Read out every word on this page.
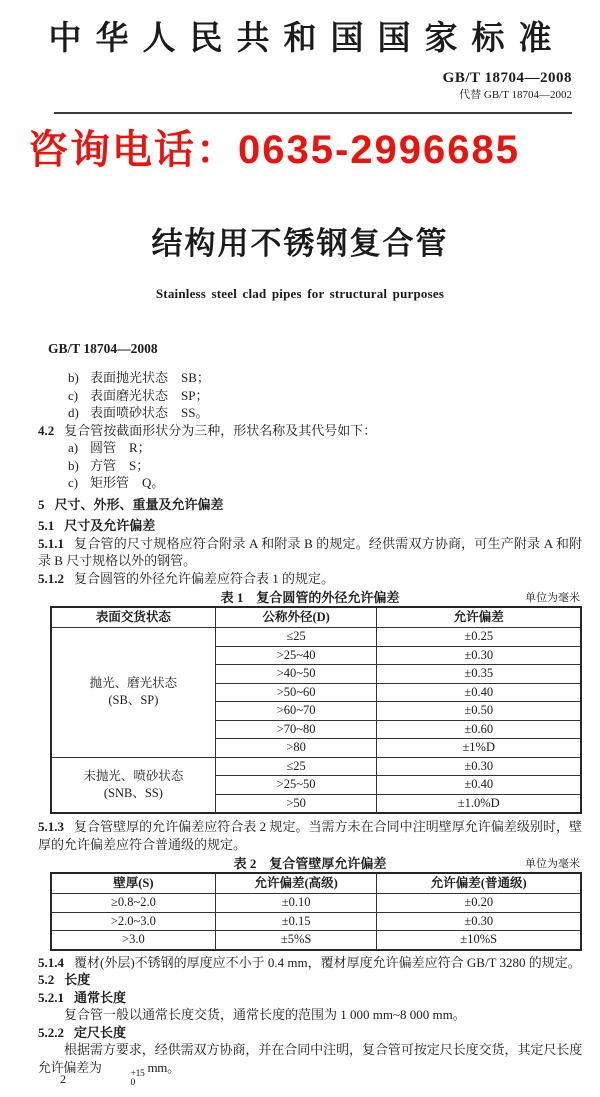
中华人民共和国国家标准
GB/T 18704—2008
代替 GB/T 18704—2002
咨询电话：0635-2996685
结构用不锈钢复合管
Stainless steel clad pipes for structural purposes
GB/T 18704—2008
b) 表面抛光状态　SB；
c) 表面磨光状态　SP；
d) 表面喷砂状态　SS。

4.2 复合管按截面形状分为三种，形状名称及其代号如下：

a) 圆管　R；
b) 方管　S；
c) 矩形管　Q。

5 尺寸、外形、重量及允许偏差

5.1 尺寸及允许偏差

5.1.1 复合管的尺寸规格应符合附录 A 和附录 B 的规定。经供需双方协商，可生产附录 A 和附录 B 尺寸规格以外的钢管。

5.1.2 复合圆管的外径允许偏差应符合表 1 的规定。

表 1　复合圆管的外径允许偏差	单位为毫米
表面交货状态	公称外径(D)	允许偏差

抛光、磨光状态
(SB、SP)	≤25	±0.25
	>25~40	±0.30
	>40~50	±0.35
	>50~60	±0.40
	>60~70	±0.50
	>70~80	±0.60
	>80	±1%D

未抛光、喷砂状态
(SNB、SS)	≤25	±0.30
	>25~50	±0.40
	>50	±1.0%D

5.1.3 复合管壁厚的允许偏差应符合表 2 规定。当需方未在合同中注明壁厚允许偏差级别时，壁厚的允许偏差应符合普通级的规定。

表 2　复合管壁厚允许偏差	单位为毫米
壁厚(S)	允许偏差(高级)	允许偏差(普通级)
≥0.8~2.0	±0.10	±0.20
>2.0~3.0	±0.15	±0.30
>3.0	±5%S	±10%S

5.1.4 覆材(外层)不锈钢的厚度应不小于 0.4 mm，覆材厚度允许偏差应符合 GB/T 3280 的规定。

5.2 长度

5.2.1 通常长度

复合管一般以通常长度交货，通常长度的范围为 1 000 mm~8 000 mm。

5.2.2 定尺长度

根据需方要求，经供需双方协商，并在合同中注明，复合管可按定尺长度交货，其定尺长度允许偏差为	+15
0
mm。

2
